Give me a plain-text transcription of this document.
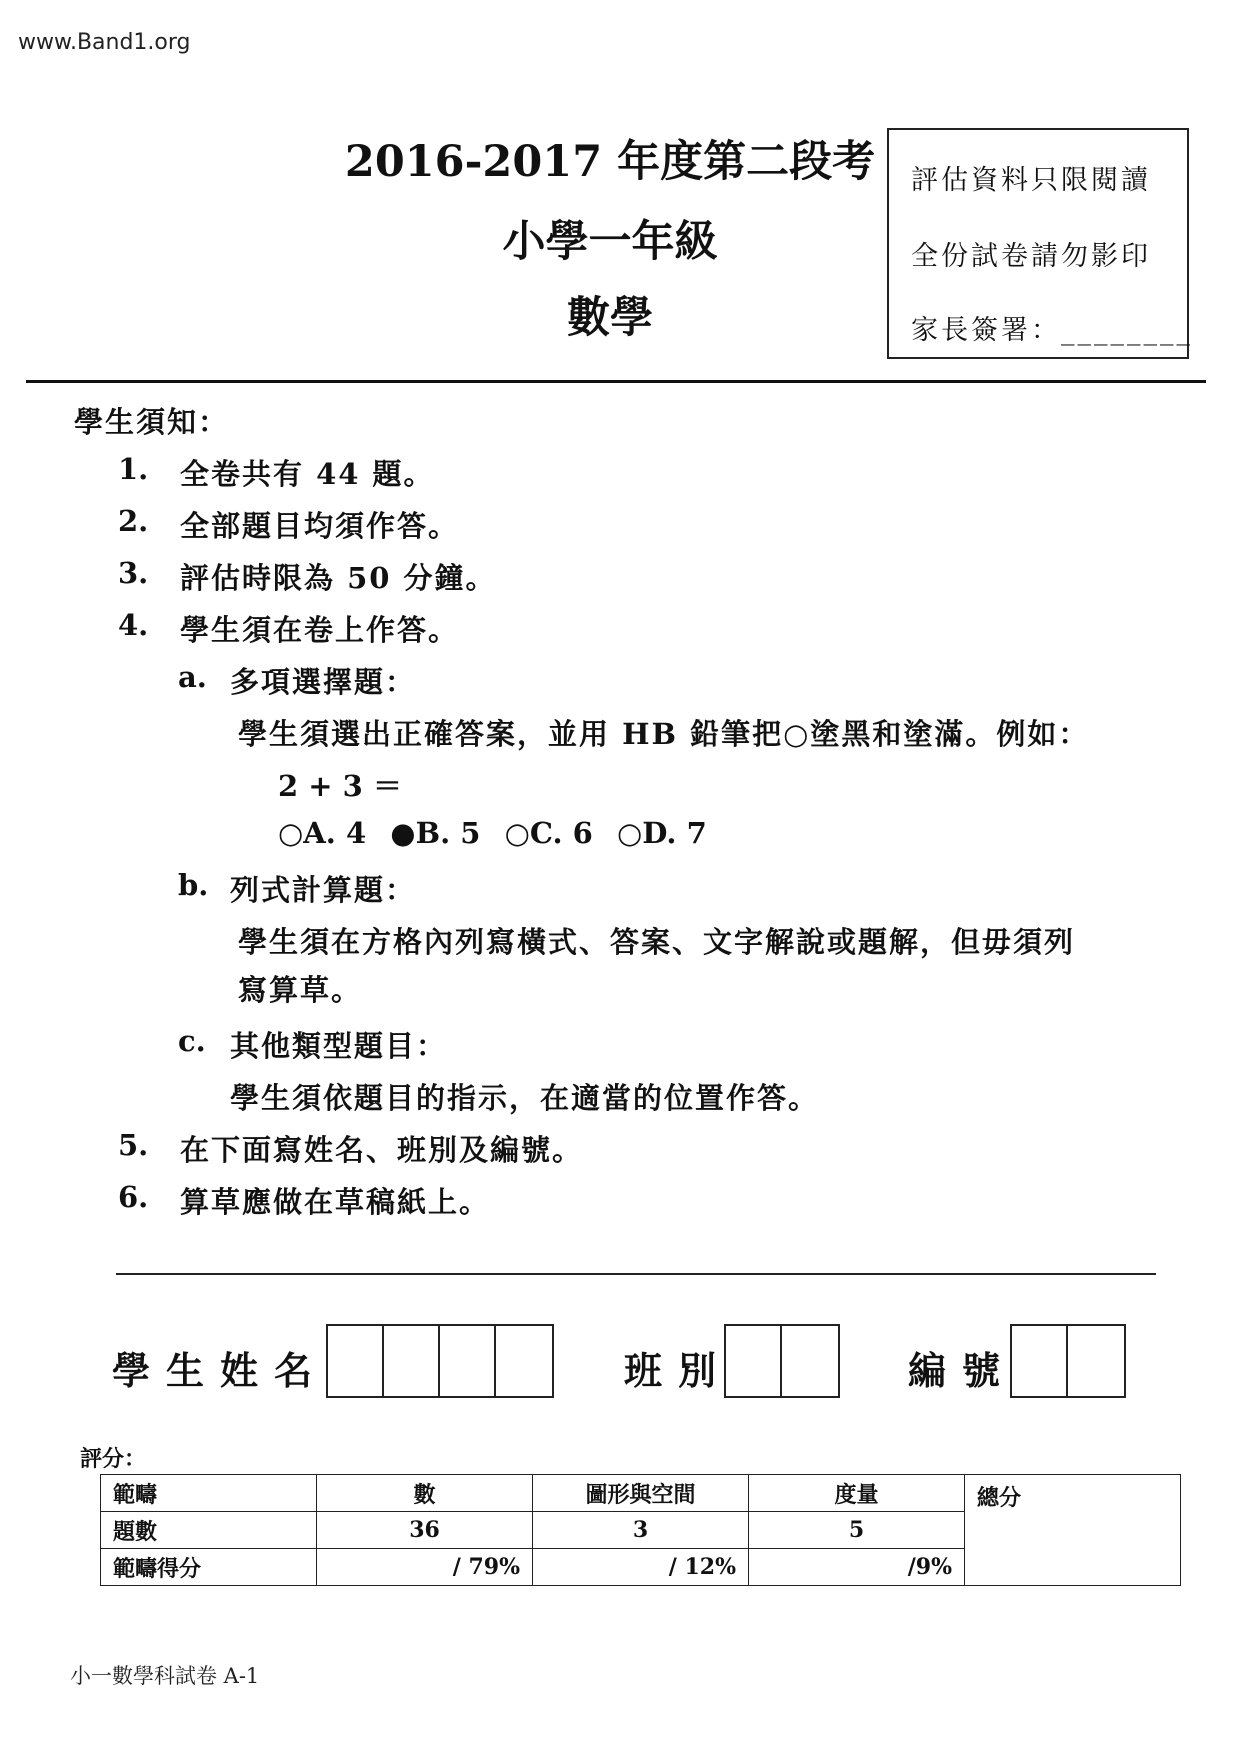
www.Band1.org
2016-2017 年度第二段考
小學一年級
數學
評估資料只限閱讀
全份試卷請勿影印
家長簽署：________
學生須知：
1. 全卷共有 44 題。
2. 全部題目均須作答。
3. 評估時限為 50 分鐘。
4. 學生須在卷上作答。
a. 多項選擇題：
學生須選出正確答案，並用 HB 鉛筆把○塗黑和塗滿。例如：
2 + 3 ＝
○A. 4 ●B. 5 ○C. 6 ○D. 7
b. 列式計算題：
學生須在方格內列寫橫式、答案、文字解說或題解，但毋須列
寫算草。
c. 其他類型題目：
學生須依題目的指示，在適當的位置作答。
5. 在下面寫姓名、班別及編號。
6. 算草應做在草稿紙上。
學生姓名	班別	編號
評分：
範疇	數	圖形與空間	度量	總分
題數	36	3	5	
範疇得分	/ 79%	/ 12%	/9%	
小一數學科試卷 A-1
